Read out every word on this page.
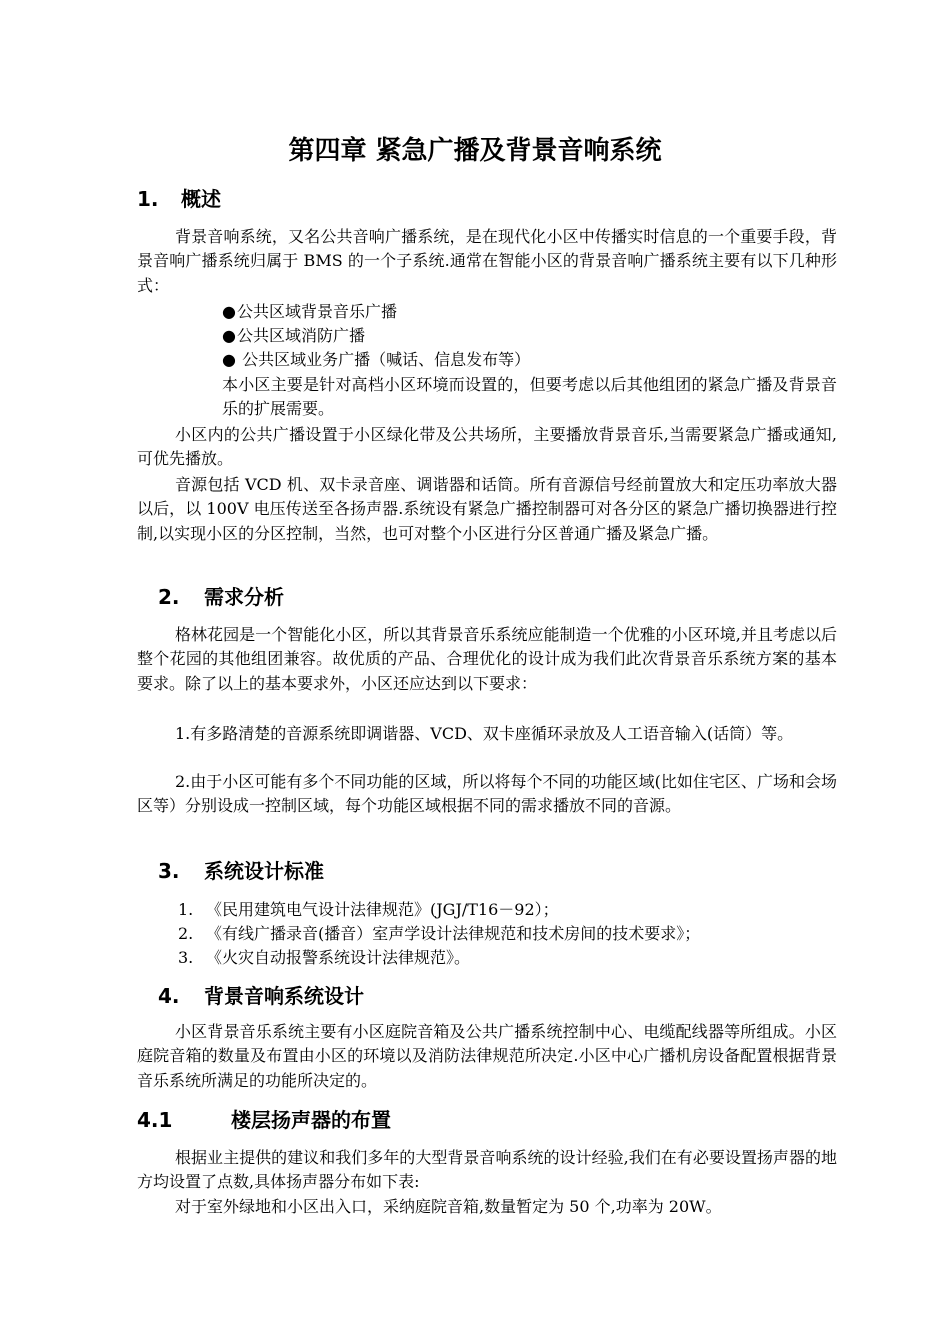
第四章 紧急广播及背景音响系统
1. 概述

背景音响系统，又名公共音响广播系统，是在现代化小区中传播实时信息的一个重要手段，背景音响广播系统归属于 BMS 的一个子系统.通常在智能小区的背景音响广播系统主要有以下几种形式：

●公共区域背景音乐广播

●公共区域消防广播

● 公共区域业务广播（喊话、信息发布等）

本小区主要是针对高档小区环境而设置的，但要考虑以后其他组团的紧急广播及背景音乐的扩展需要。

小区内的公共广播设置于小区绿化带及公共场所，主要播放背景音乐,当需要紧急广播或通知,可优先播放。

音源包括 VCD 机、双卡录音座、调谐器和话筒。所有音源信号经前置放大和定压功率放大器以后，以 100V 电压传送至各扬声器.系统设有紧急广播控制器可对各分区的紧急广播切换器进行控制,以实现小区的分区控制，当然，也可对整个小区进行分区普通广播及紧急广播。

2. 需求分析

格林花园是一个智能化小区，所以其背景音乐系统应能制造一个优雅的小区环境,并且考虑以后整个花园的其他组团兼容。故优质的产品、合理优化的设计成为我们此次背景音乐系统方案的基本要求。除了以上的基本要求外，小区还应达到以下要求：

1.有多路清楚的音源系统即调谐器、VCD、双卡座循环录放及人工语音输入(话筒）等。

2.由于小区可能有多个不同功能的区域，所以将每个不同的功能区域(比如住宅区、广场和会场区等）分别设成一控制区域，每个功能区域根据不同的需求播放不同的音源。

3. 系统设计标准

1. 《民用建筑电气设计法律规范》(JGJ/T16－92）；

2. 《有线广播录音(播音）室声学设计法律规范和技术房间的技术要求》；

3. 《火灾自动报警系统设计法律规范》。

4. 背景音响系统设计

小区背景音乐系统主要有小区庭院音箱及公共广播系统控制中心、电缆配线器等所组成。小区庭院音箱的数量及布置由小区的环境以及消防法律规范所决定.小区中心广播机房设备配置根据背景音乐系统所满足的功能所决定的。

4.1	楼层扬声器的布置

根据业主提供的建议和我们多年的大型背景音响系统的设计经验,我们在有必要设置扬声器的地方均设置了点数,具体扬声器分布如下表:

对于室外绿地和小区出入口，采纳庭院音箱,数量暂定为 50 个,功率为 20W。
